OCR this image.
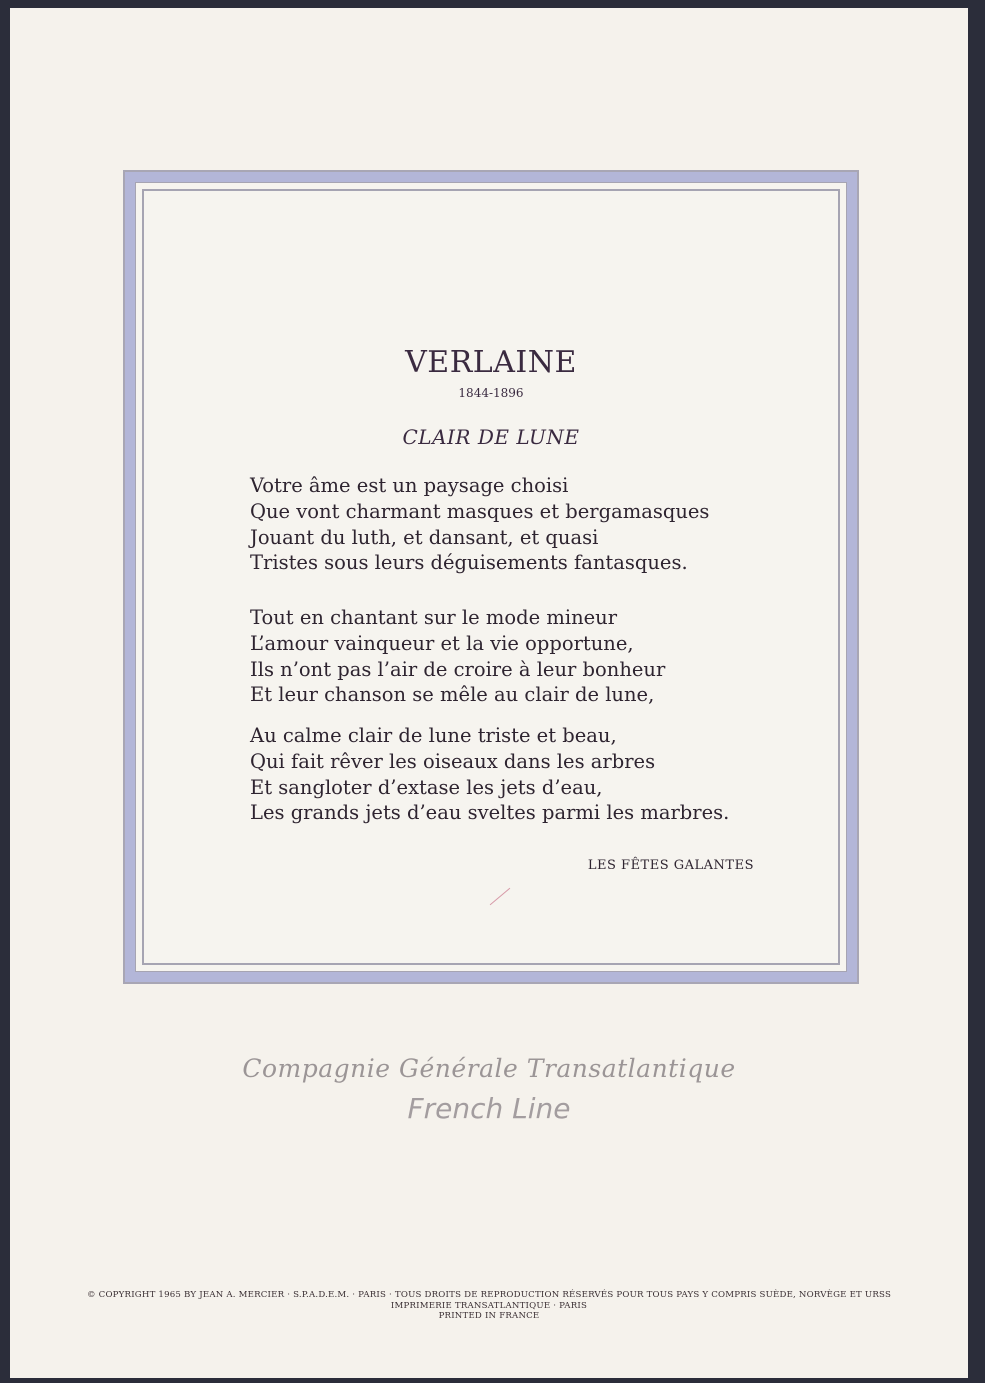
VERLAINE
1844-1896
CLAIR DE LUNE
Votre âme est un paysage choisi
Que vont charmant masques et bergamasques
Jouant du luth, et dansant, et quasi
Tristes sous leurs déguisements fantasques.
Tout en chantant sur le mode mineur
L’amour vainqueur et la vie opportune,
Ils n’ont pas l’air de croire à leur bonheur
Et leur chanson se mêle au clair de lune,
Au calme clair de lune triste et beau,
Qui fait rêver les oiseaux dans les arbres
Et sangloter d’extase les jets d’eau,
Les grands jets d’eau sveltes parmi les marbres.
LES FÊTES GALANTES
Compagnie Générale Transatlantique
French Line
© COPYRIGHT 1965 BY JEAN A. MERCIER · S.P.A.D.E.M. · PARIS · TOUS DROITS DE REPRODUCTION RÉSERVÉS POUR TOUS PAYS Y COMPRIS SUÈDE, NORVÈGE ET URSS
IMPRIMERIE TRANSATLANTIQUE · PARIS
PRINTED IN FRANCE
